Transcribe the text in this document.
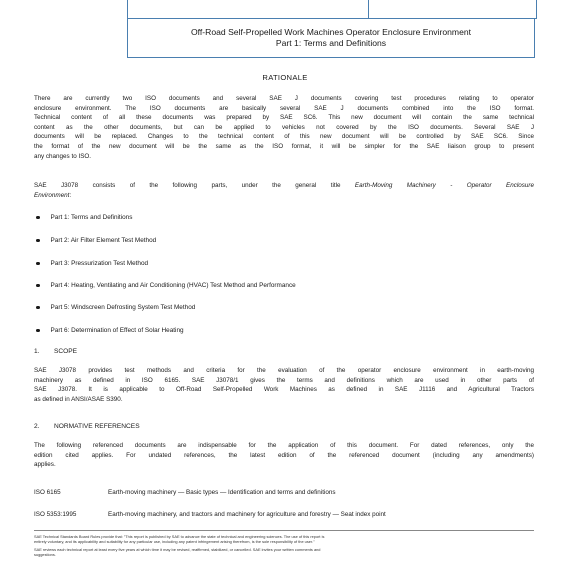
Off-Road Self-Propelled Work Machines Operator Enclosure Environment
Part 1: Terms and Definitions
RATIONALE
There are currently two ISO documents and several SAE J documents covering test procedures relating to operator
enclosure environment. The ISO documents are basically several SAE J documents combined into the ISO format.
Technical content of all these documents was prepared by SAE SC6. This new document will contain the same technical
content as the other documents, but can be applied to vehicles not covered by the ISO documents. Several SAE J
documents will be replaced. Changes to the technical content of this new document will be controlled by SAE SC6. Since
the format of the new document will be the same as the ISO format, it will be simpler for the SAE liaison group to present
any changes to ISO.
SAE J3078 consists of the following parts, under the general title Earth-Moving Machinery - Operator Enclosure
Environment:
Part 1: Terms and Definitions
Part 2: Air Filter Element Test Method
Part 3: Pressurization Test Method
Part 4: Heating, Ventilating and Air Conditioning (HVAC) Test Method and Performance
Part 5: Windscreen Defrosting System Test Method
Part 6: Determination of Effect of Solar Heating
1. SCOPE
SAE J3078 provides test methods and criteria for the evaluation of the operator enclosure environment in earth-moving
machinery as defined in ISO 6165. SAE J3078/1 gives the terms and definitions which are used in other parts of
SAE J3078. It is applicable to Off-Road Self-Propelled Work Machines as defined in SAE J1116 and Agricultural Tractors
as defined in ANSI/ASAE S390.
2. NORMATIVE REFERENCES
The following referenced documents are indispensable for the application of this document. For dated references, only the
edition cited applies. For undated references, the latest edition of the referenced document (including any amendments)
applies.
ISO 6165	Earth-moving machinery — Basic types — Identification and terms and definitions
ISO 5353:1995	Earth-moving machinery, and tractors and machinery for agriculture and forestry — Seat index point
SAE Technical Standards Board Rules provide that: "This report is published by SAE to advance the state of technical and engineering sciences. The use of this report is
entirely voluntary, and its applicability and suitability for any particular use, including any patent infringement arising therefrom, is the sole responsibility of the user."
SAE reviews each technical report at least every five years at which time it may be revised, reaffirmed, stabilized, or cancelled. SAE invites your written comments and
suggestions.
